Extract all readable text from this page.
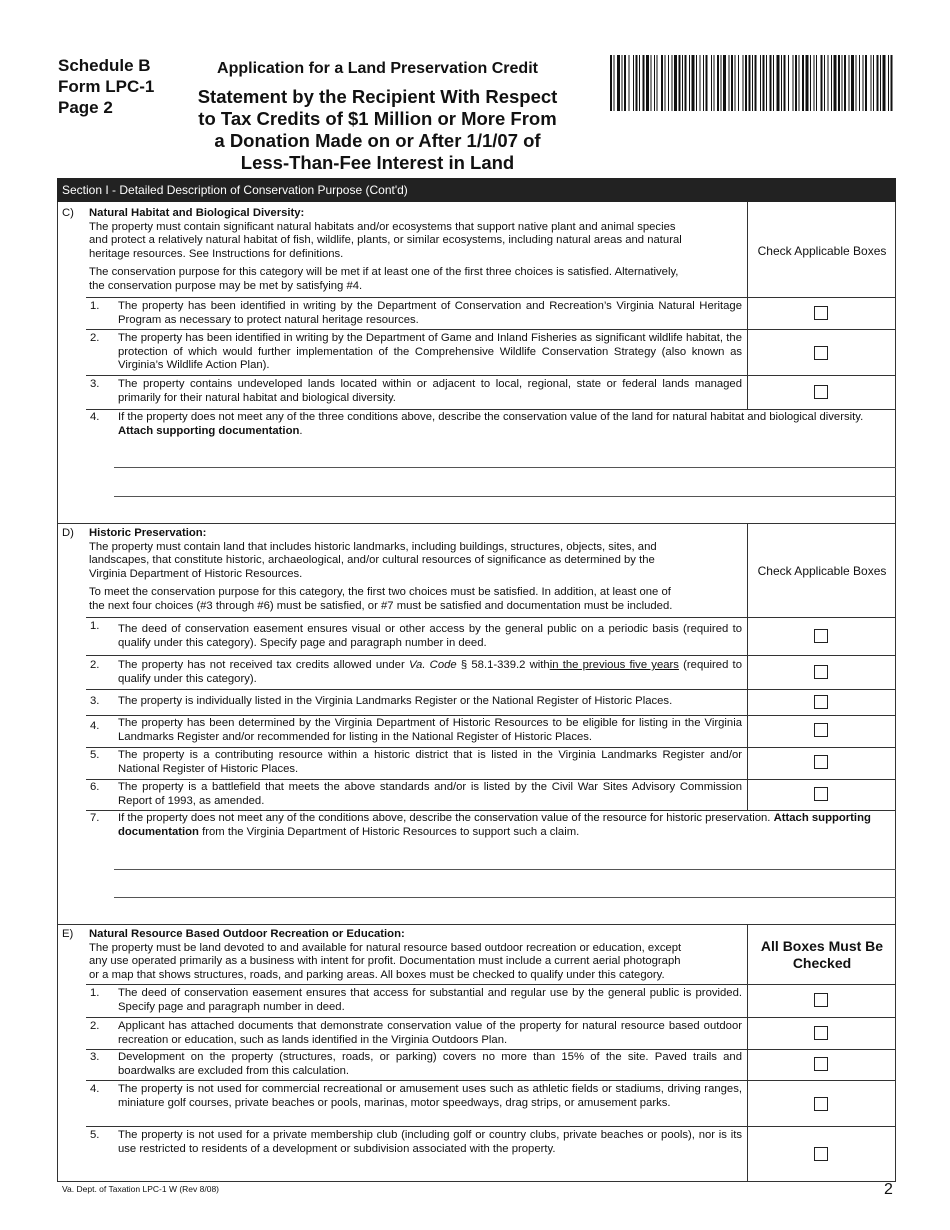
Schedule B
Form LPC-1
Page 2
Application for a Land Preservation Credit
Statement by the Recipient With Respect
to Tax Credits of $1 Million or More From
a Donation Made on or After 1/1/07 of
Less-Than-Fee Interest in Land
Section I - Detailed Description of Conservation Purpose (Cont'd)
C) Natural Habitat and Biological Diversity:
The property must contain significant natural habitats and/or ecosystems that support native plant and animal species
and protect a relatively natural habitat of fish, wildlife, plants, or similar ecosystems, including natural areas and natural
heritage resources. See Instructions for definitions.
The conservation purpose for this category will be met if at least one of the first three choices is satisfied. Alternatively,
the conservation purpose may be met by satisfying #4.
Check Applicable Boxes
1. The property has been identified in writing by the Department of Conservation and Recreation’s Virginia Natural Heritage Program as necessary to protect natural heritage resources.
2. The property has been identified in writing by the Department of Game and Inland Fisheries as significant wildlife habitat, the protection of which would further implementation of the Comprehensive Wildlife Conservation Strategy (also known as Virginia’s Wildlife Action Plan).
3. The property contains undeveloped lands located within or adjacent to local, regional, state or federal lands managed primarily for their natural habitat and biological diversity.
4. If the property does not meet any of the three conditions above, describe the conservation value of the land for natural habitat and biological diversity. Attach supporting documentation.
D) Historic Preservation:
The property must contain land that includes historic landmarks, including buildings, structures, objects, sites, and
landscapes, that constitute historic, archaeological, and/or cultural resources of significance as determined by the
Virginia Department of Historic Resources.
To meet the conservation purpose for this category, the first two choices must be satisfied. In addition, at least one of
the next four choices (#3 through #6) must be satisfied, or #7 must be satisfied and documentation must be included.
Check Applicable Boxes
1. The deed of conservation easement ensures visual or other access by the general public on a periodic basis (required to qualify under this category). Specify page and paragraph number in deed.
2. The property has not received tax credits allowed under Va. Code § 58.1-339.2 within the previous five years (required to qualify under this category).
3. The property is individually listed in the Virginia Landmarks Register or the National Register of Historic Places.
4. The property has been determined by the Virginia Department of Historic Resources to be eligible for listing in the Virginia Landmarks Register and/or recommended for listing in the National Register of Historic Places.
5. The property is a contributing resource within a historic district that is listed in the Virginia Landmarks Register and/or National Register of Historic Places.
6. The property is a battlefield that meets the above standards and/or is listed by the Civil War Sites Advisory Commission Report of 1993, as amended.
7. If the property does not meet any of the conditions above, describe the conservation value of the resource for historic preservation. Attach supporting documentation from the Virginia Department of Historic Resources to support such a claim.
E) Natural Resource Based Outdoor Recreation or Education:
The property must be land devoted to and available for natural resource based outdoor recreation or education, except
any use operated primarily as a business with intent for profit. Documentation must include a current aerial photograph
or a map that shows structures, roads, and parking areas. All boxes must be checked to qualify under this category.
All Boxes Must Be
Checked
1. The deed of conservation easement ensures that access for substantial and regular use by the general public is provided. Specify page and paragraph number in deed.
2. Applicant has attached documents that demonstrate conservation value of the property for natural resource based outdoor recreation or education, such as lands identified in the Virginia Outdoors Plan.
3. Development on the property (structures, roads, or parking) covers no more than 15% of the site. Paved trails and boardwalks are excluded from this calculation.
4. The property is not used for commercial recreational or amusement uses such as athletic fields or stadiums, driving ranges, miniature golf courses, private beaches or pools, marinas, motor speedways, drag strips, or amusement parks.
5. The property is not used for a private membership club (including golf or country clubs, private beaches or pools), nor is its use restricted to residents of a development or subdivision associated with the property.
Va. Dept. of Taxation LPC-1 W (Rev 8/08)	2
